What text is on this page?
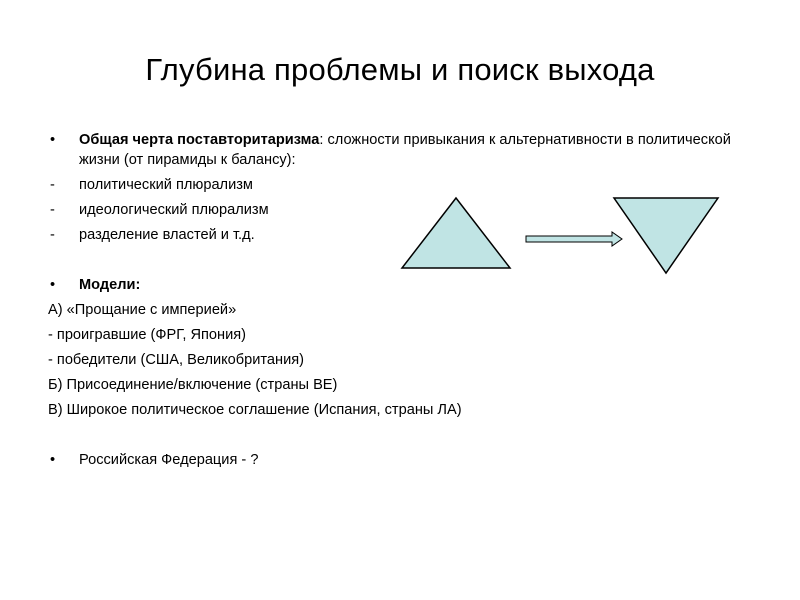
Глубина проблемы и поиск выхода
• Общая черта поставторитаризма: сложности привыкания к альтернативности в политической жизни (от пирамиды к балансу):
- политический плюрализм
- идеологический плюрализм
- разделение властей и т.д.
• Модели:
А) «Прощание с империей»
- проигравшие (ФРГ, Япония)
- победители (США, Великобритания)
Б) Присоединение/включение (страны ВЕ)
В) Широкое политическое соглашение (Испания, страны ЛА)
• Российская Федерация - ?
